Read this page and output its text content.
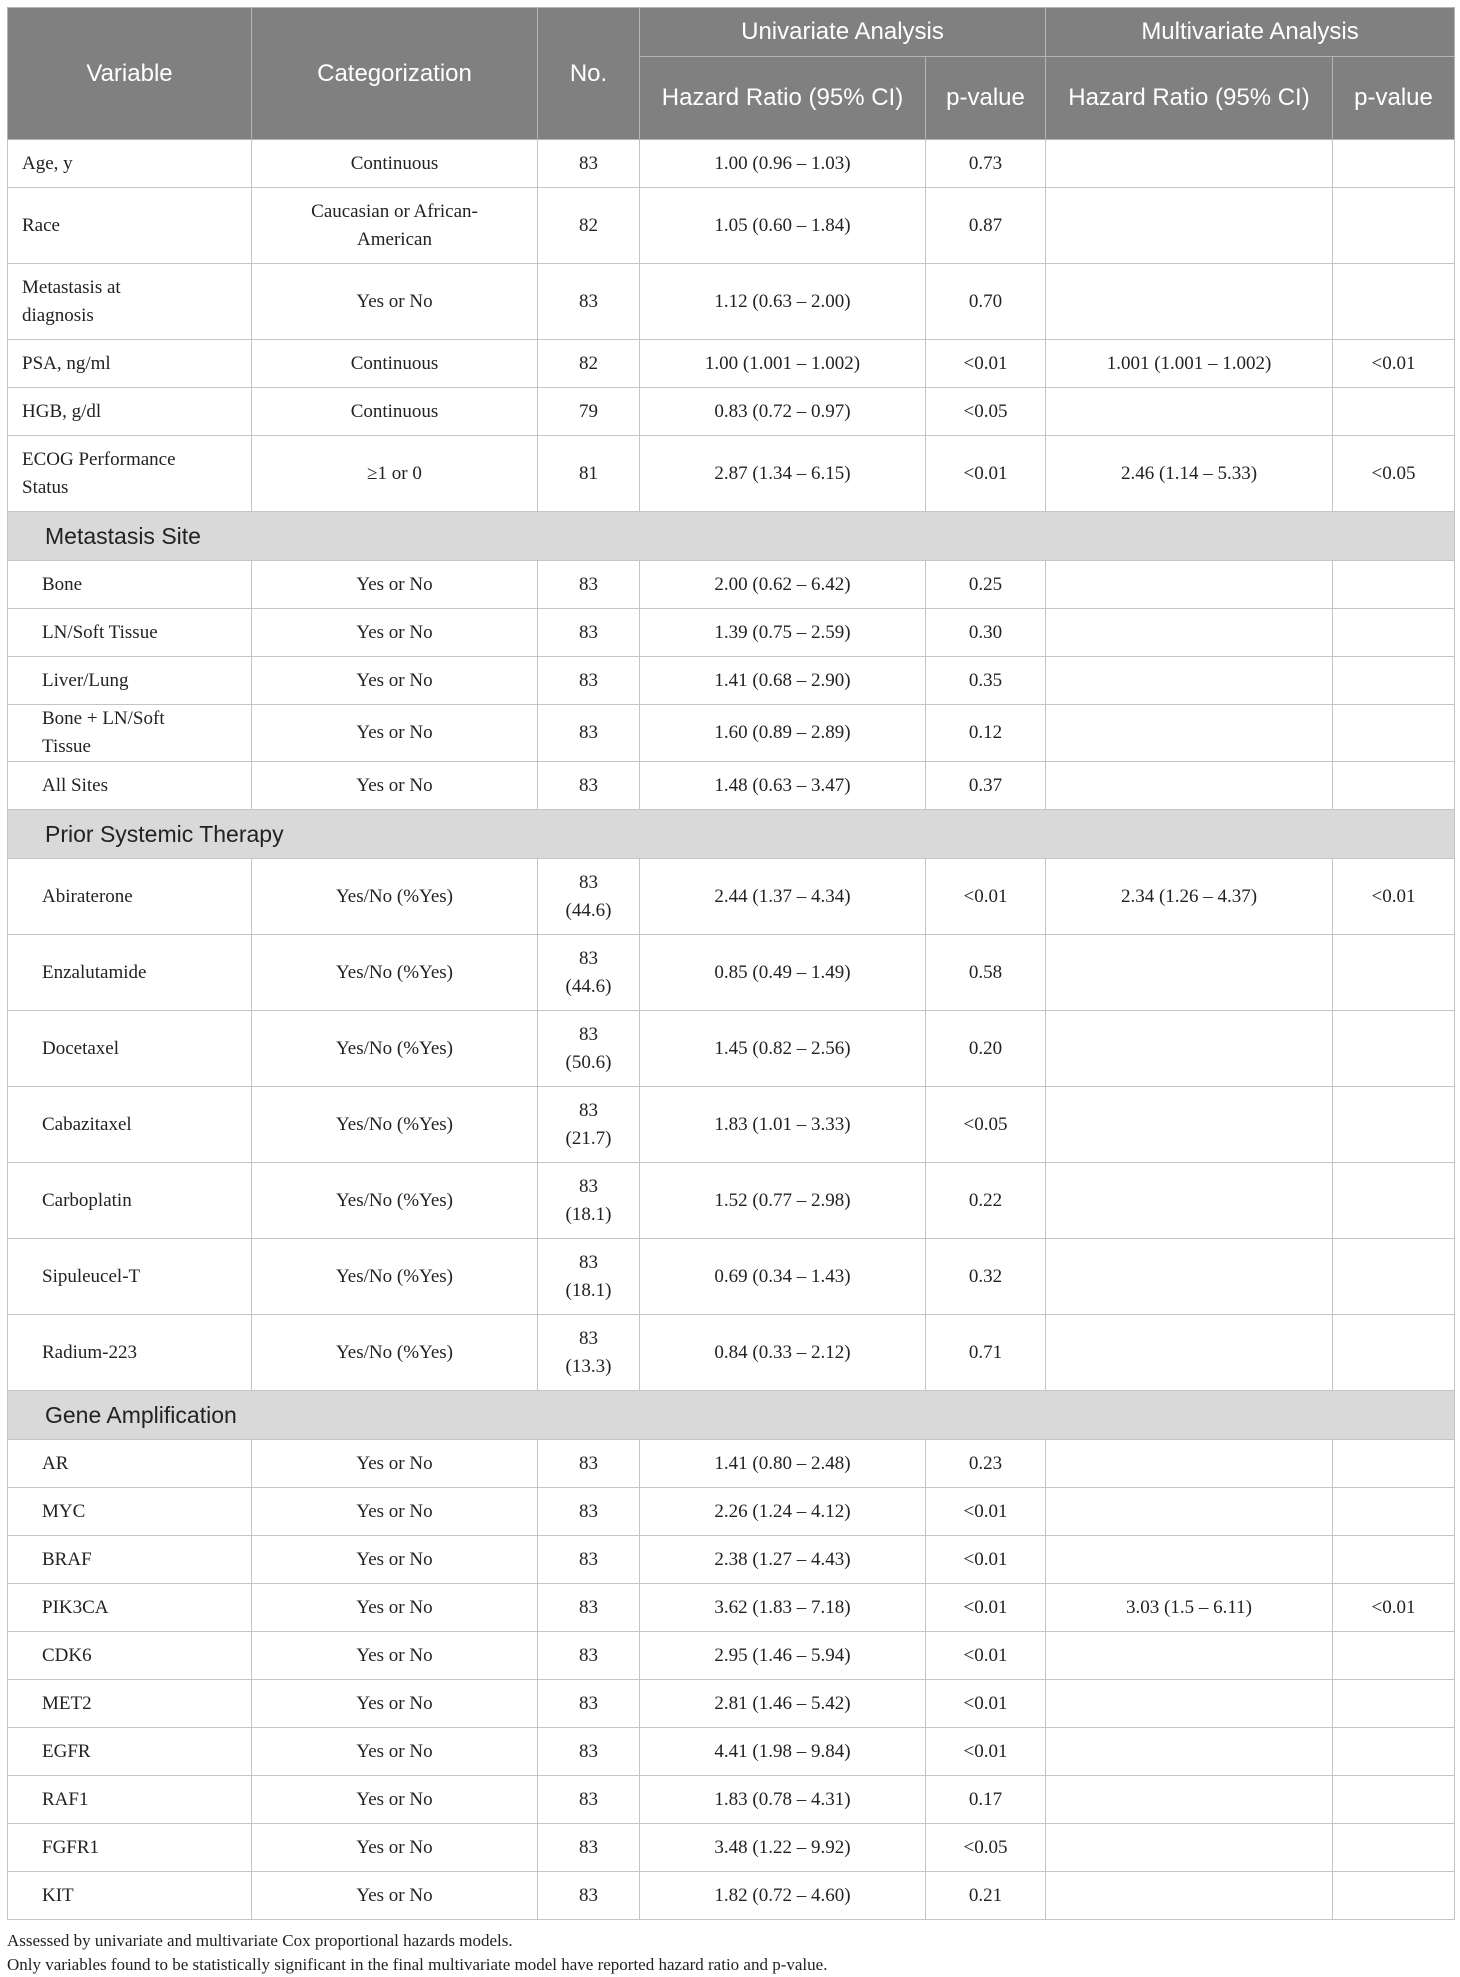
Variable	Categorization	No.	Univariate Analysis		Multivariate Analysis	
			Hazard Ratio (95% CI)	p-value	Hazard Ratio (95% CI)	p-value
Age, y	Continuous	83	1.00 (0.96 – 1.03)	0.73		
Race	Caucasian or African-American	82	1.05 (0.60 – 1.84)	0.87		
Metastasis at diagnosis	Yes or No	83	1.12 (0.63 – 2.00)	0.70		
PSA, ng/ml	Continuous	82	1.00 (1.001 – 1.002)	<0.01	1.001 (1.001 – 1.002)	<0.01
HGB, g/dl	Continuous	79	0.83 (0.72 – 0.97)	<0.05		
ECOG Performance Status	≥1 or 0	81	2.87 (1.34 – 6.15)	<0.01	2.46 (1.14 – 5.33)	<0.05
Metastasis Site						
Bone	Yes or No	83	2.00 (0.62 – 6.42)	0.25		
LN/Soft Tissue	Yes or No	83	1.39 (0.75 – 2.59)	0.30		
Liver/Lung	Yes or No	83	1.41 (0.68 – 2.90)	0.35		
Bone + LN/Soft Tissue	Yes or No	83	1.60 (0.89 – 2.89)	0.12		
All Sites	Yes or No	83	1.48 (0.63 – 3.47)	0.37		
Prior Systemic Therapy						
Abiraterone	Yes/No (%Yes)	83 (44.6)	2.44 (1.37 – 4.34)	<0.01	2.34 (1.26 – 4.37)	<0.01
Enzalutamide	Yes/No (%Yes)	83 (44.6)	0.85 (0.49 – 1.49)	0.58		
Docetaxel	Yes/No (%Yes)	83 (50.6)	1.45 (0.82 – 2.56)	0.20		
Cabazitaxel	Yes/No (%Yes)	83 (21.7)	1.83 (1.01 – 3.33)	<0.05		
Carboplatin	Yes/No (%Yes)	83 (18.1)	1.52 (0.77 – 2.98)	0.22		
Sipuleucel-T	Yes/No (%Yes)	83 (18.1)	0.69 (0.34 – 1.43)	0.32		
Radium-223	Yes/No (%Yes)	83 (13.3)	0.84 (0.33 – 2.12)	0.71		
Gene Amplification						
AR	Yes or No	83	1.41 (0.80 – 2.48)	0.23		
MYC	Yes or No	83	2.26 (1.24 – 4.12)	<0.01		
BRAF	Yes or No	83	2.38 (1.27 – 4.43)	<0.01		
PIK3CA	Yes or No	83	3.62 (1.83 – 7.18)	<0.01	3.03 (1.5 – 6.11)	<0.01
CDK6	Yes or No	83	2.95 (1.46 – 5.94)	<0.01		
MET2	Yes or No	83	2.81 (1.46 – 5.42)	<0.01		
EGFR	Yes or No	83	4.41 (1.98 – 9.84)	<0.01		
RAF1	Yes or No	83	1.83 (0.78 – 4.31)	0.17		
FGFR1	Yes or No	83	3.48 (1.22 – 9.92)	<0.05		
KIT	Yes or No	83	1.82 (0.72 – 4.60)	0.21		
Assessed by univariate and multivariate Cox proportional hazards models.
Only variables found to be statistically significant in the final multivariate model have reported hazard ratio and p-value.
